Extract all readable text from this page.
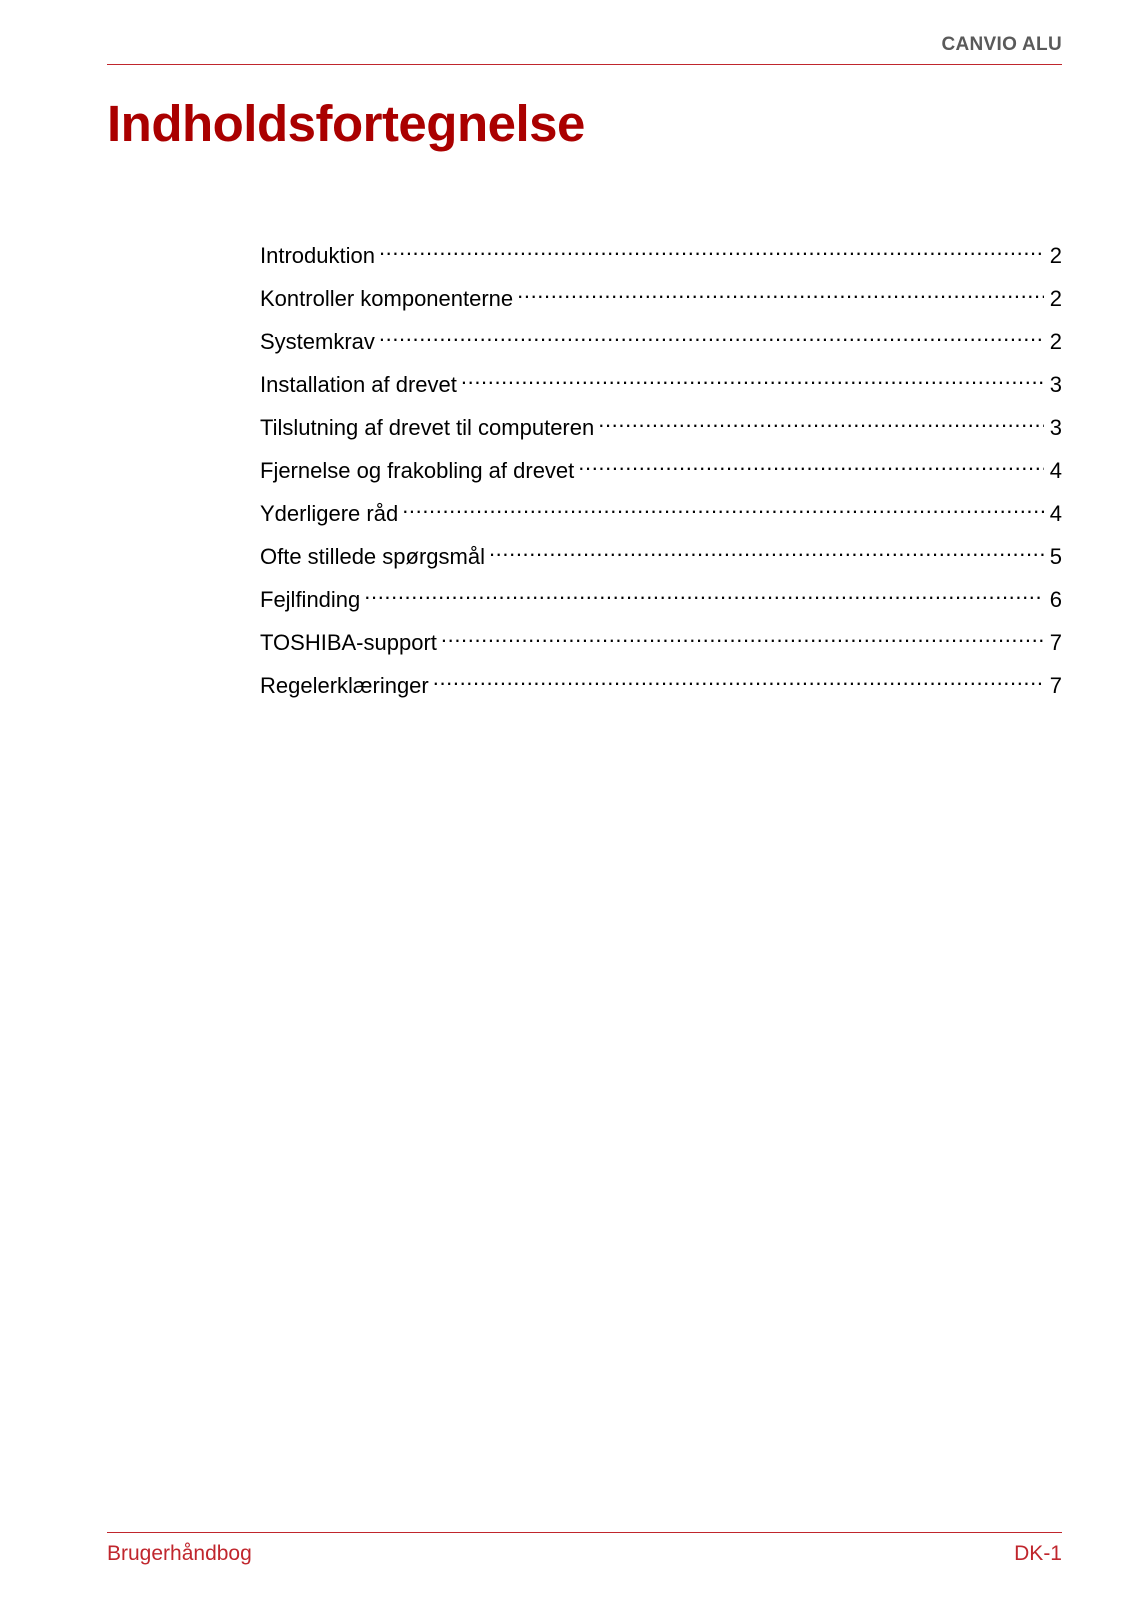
CANVIO ALU
Indholdsfortegnelse
Introduktion .....	2
Kontroller komponenterne .....	2
Systemkrav .....	2
Installation af drevet .....	3
Tilslutning af drevet til computeren .....	3
Fjernelse og frakobling af drevet .....	4
Yderligere råd .....	4
Ofte stillede spørgsmål .....	5
Fejlfinding .....	6
TOSHIBA-support .....	7
Regelerklæringer .....	7
Brugerhåndbog	DK-1
